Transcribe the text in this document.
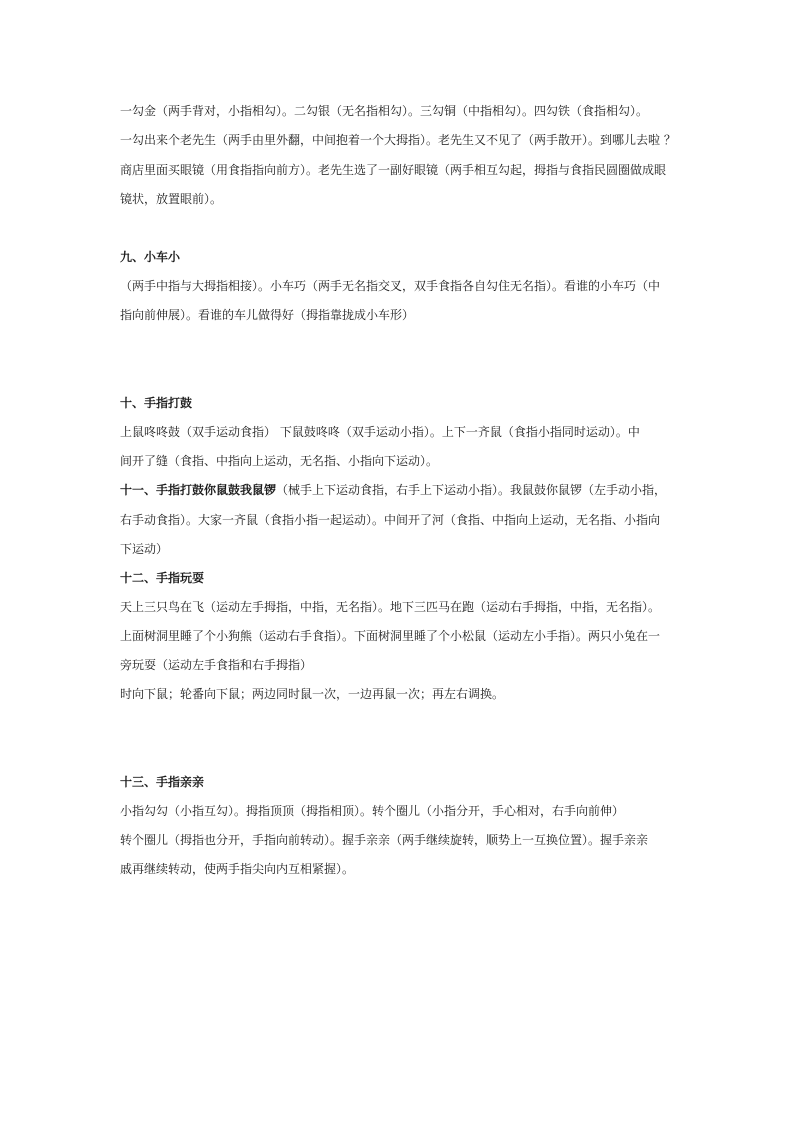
一勾金（两手背对，小指相勾）。二勾银（无名指相勾）。三勾铜（中指相勾）。四勾铁（食指相勾）。
一勾出来个老先生（两手由里外翻，中间抱着一个大拇指）。老先生又不见了（两手散开）。到哪儿去啦 ？
商店里面买眼镜（用食指指向前方）。老先生选了一副好眼镜（两手相互勾起，拇指与食指民圆圈做成眼
镜状，放置眼前）。
九、小车小
（两手中指与大拇指相接）。小车巧（两手无名指交叉，双手食指各自勾住无名指）。看谁的小车巧（中
指向前伸展）。看谁的车儿做得好（拇指靠拢成小车形）
十、手指打鼓
上鼠咚咚鼓（双手运动食指） 下鼠鼓咚咚（双手运动小指）。上下一齐鼠（食指小指同时运动）。中
间开了缝（食指、中指向上运动，无名指、小指向下运动）。
十一、手指打鼓你鼠鼓我鼠锣（械手上下运动食指，右手上下运动小指）。我鼠鼓你鼠锣（左手动小指，
右手动食指）。大家一齐鼠（食指小指一起运动）。中间开了河（食指、中指向上运动，无名指、小指向
下运动）
十二、手指玩耍
天上三只鸟在飞（运动左手拇指，中指，无名指）。地下三匹马在跑（运动右手拇指，中指，无名指）。
上面树洞里睡了个小狗熊（运动右手食指）。下面树洞里睡了个小松鼠（运动左小手指）。两只小兔在一
旁玩耍（运动左手食指和右手拇指）
时向下鼠；轮番向下鼠；两边同时鼠一次，一边再鼠一次；再左右调换。
十三、手指亲亲
小指勾勾（小指互勾）。拇指顶顶（拇指相顶）。转个圈儿（小指分开，手心相对，右手向前伸）
转个圈儿（拇指也分开，手指向前转动）。握手亲亲（两手继续旋转，顺势上一互换位置）。握手亲亲
戚再继续转动，使两手指尖向内互相紧握）。
